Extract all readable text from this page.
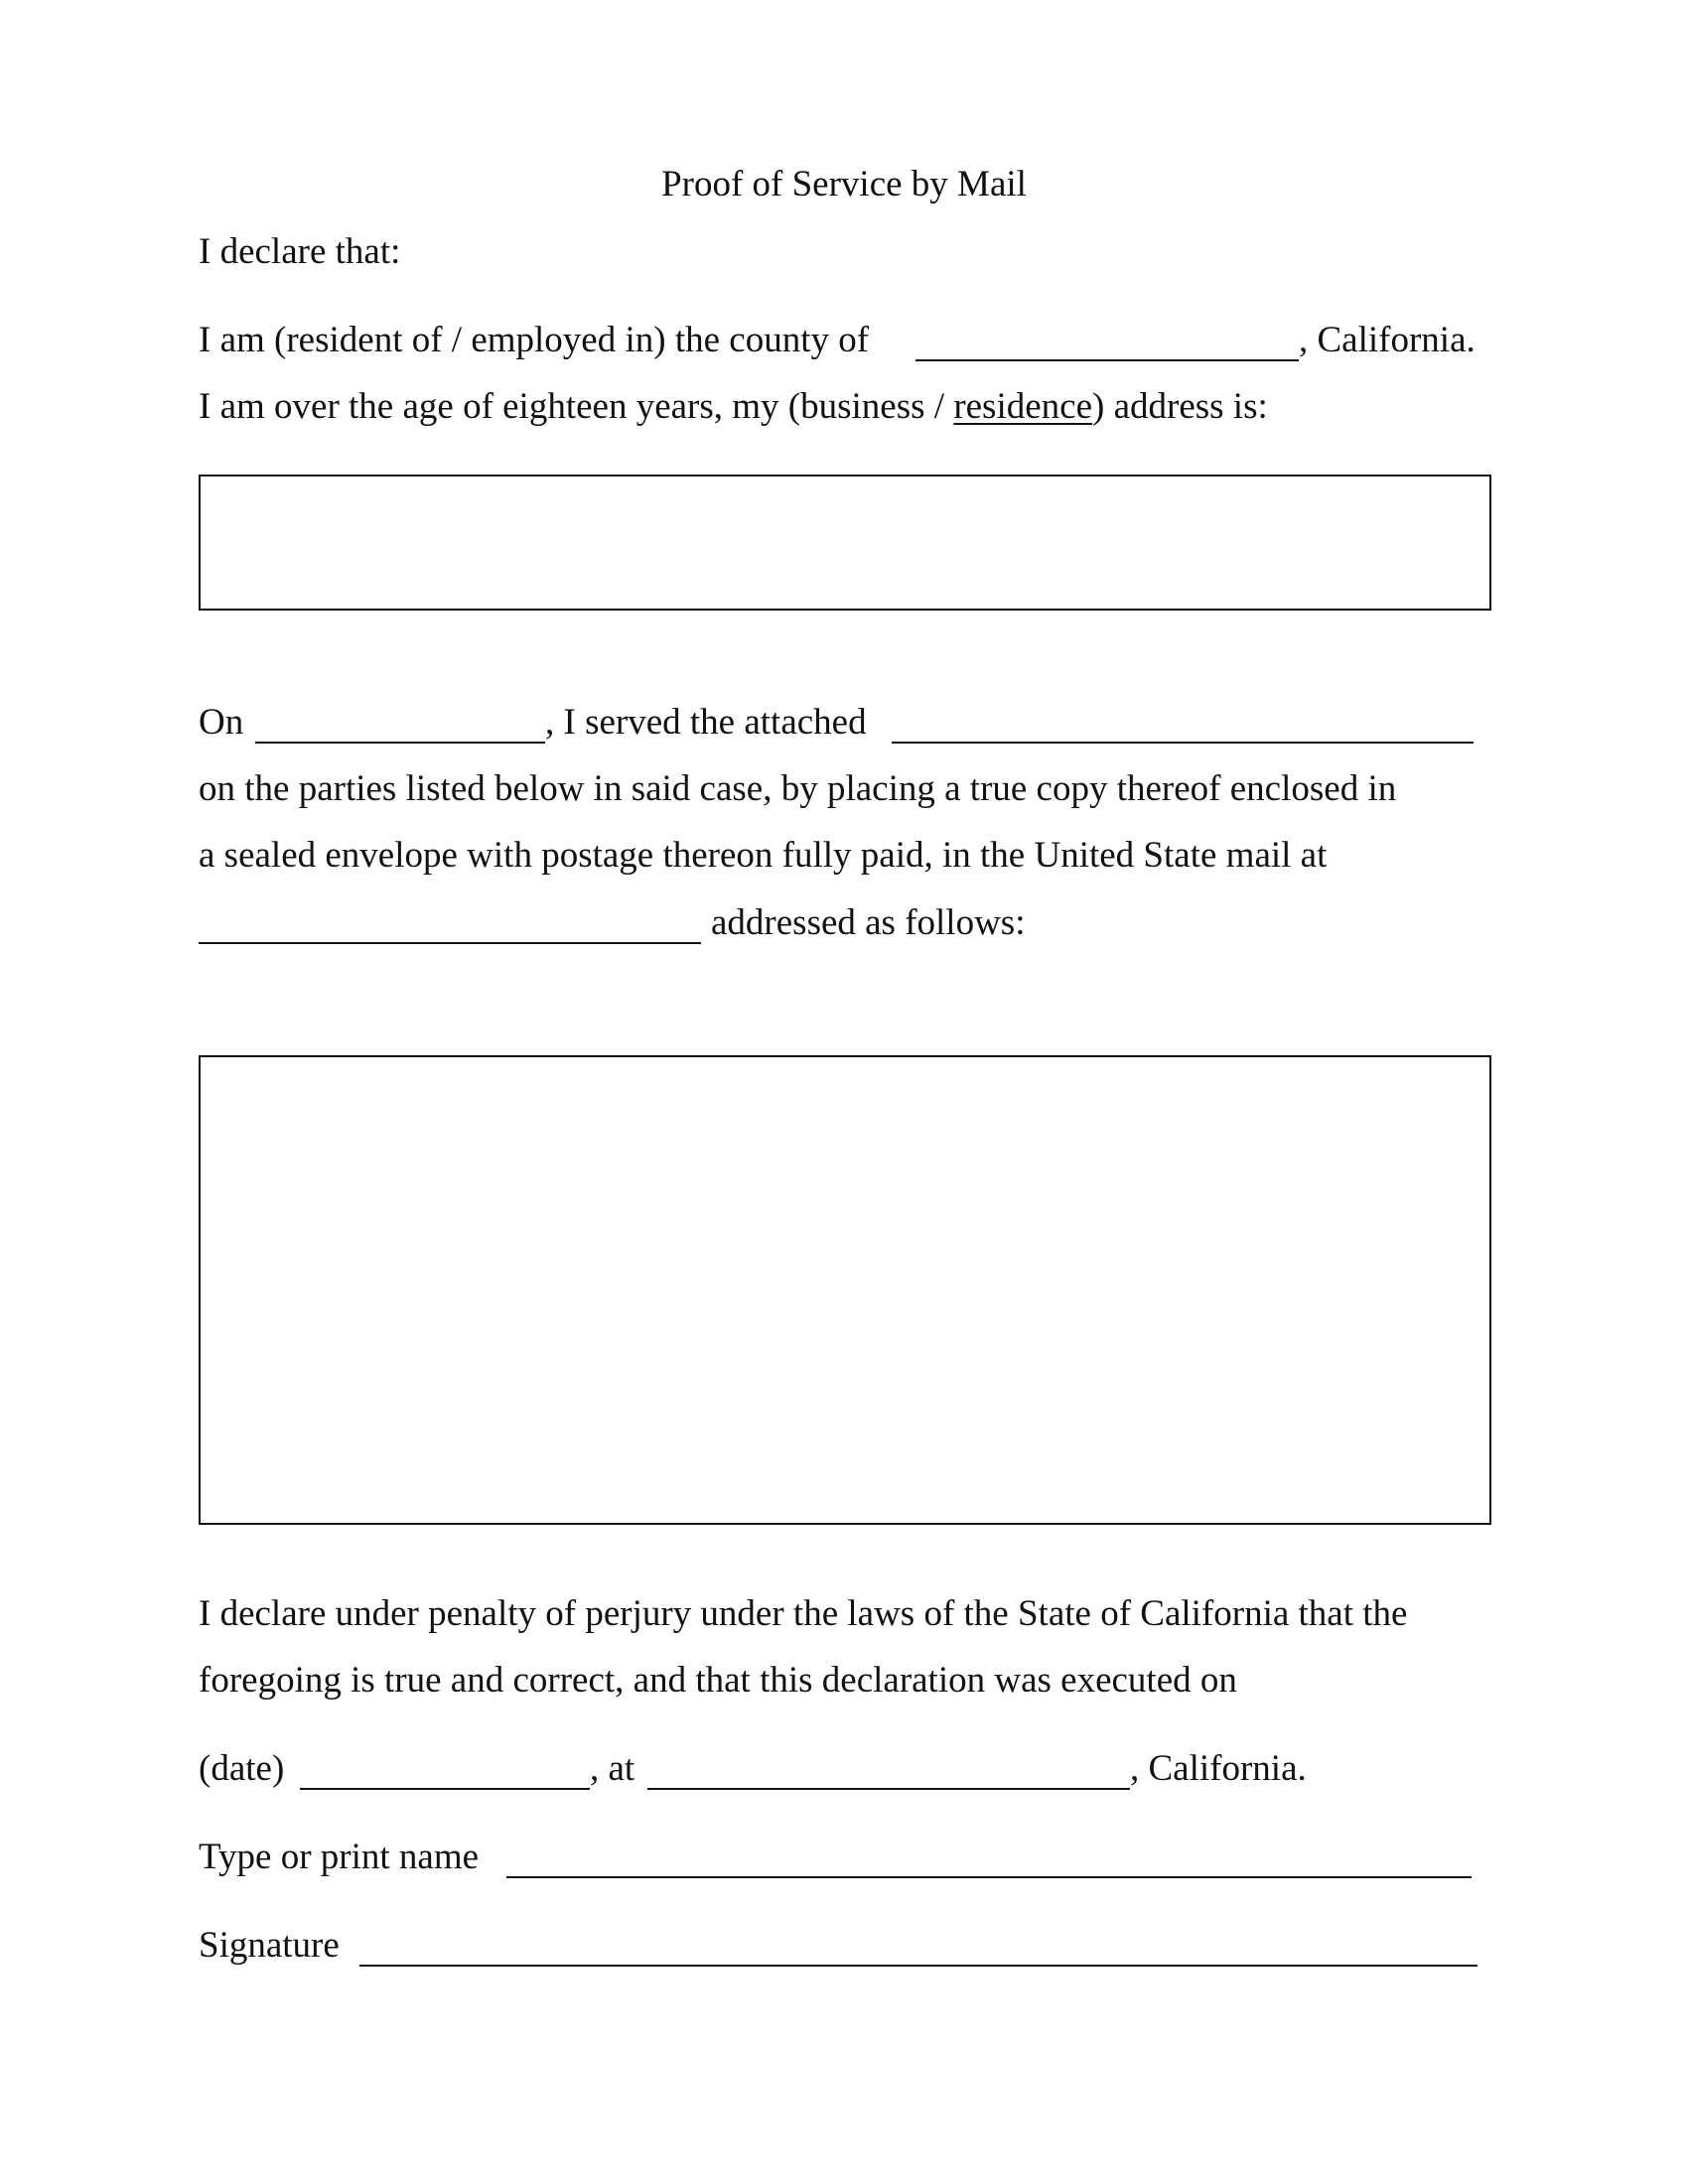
Proof of Service by Mail
I declare that:
I am (resident of / employed in) the county of	, California.
I am over the age of eighteen years, my (business / residence) address is:
On	, I served the attached
on the parties listed below in said case, by placing a true copy thereof enclosed in
a sealed envelope with postage thereon fully paid, in the United State mail at
addressed as follows:
I declare under penalty of perjury under the laws of the State of California that the
foregoing is true and correct, and that this declaration was executed on
(date)	, at	, California.
Type or print name
Signature
